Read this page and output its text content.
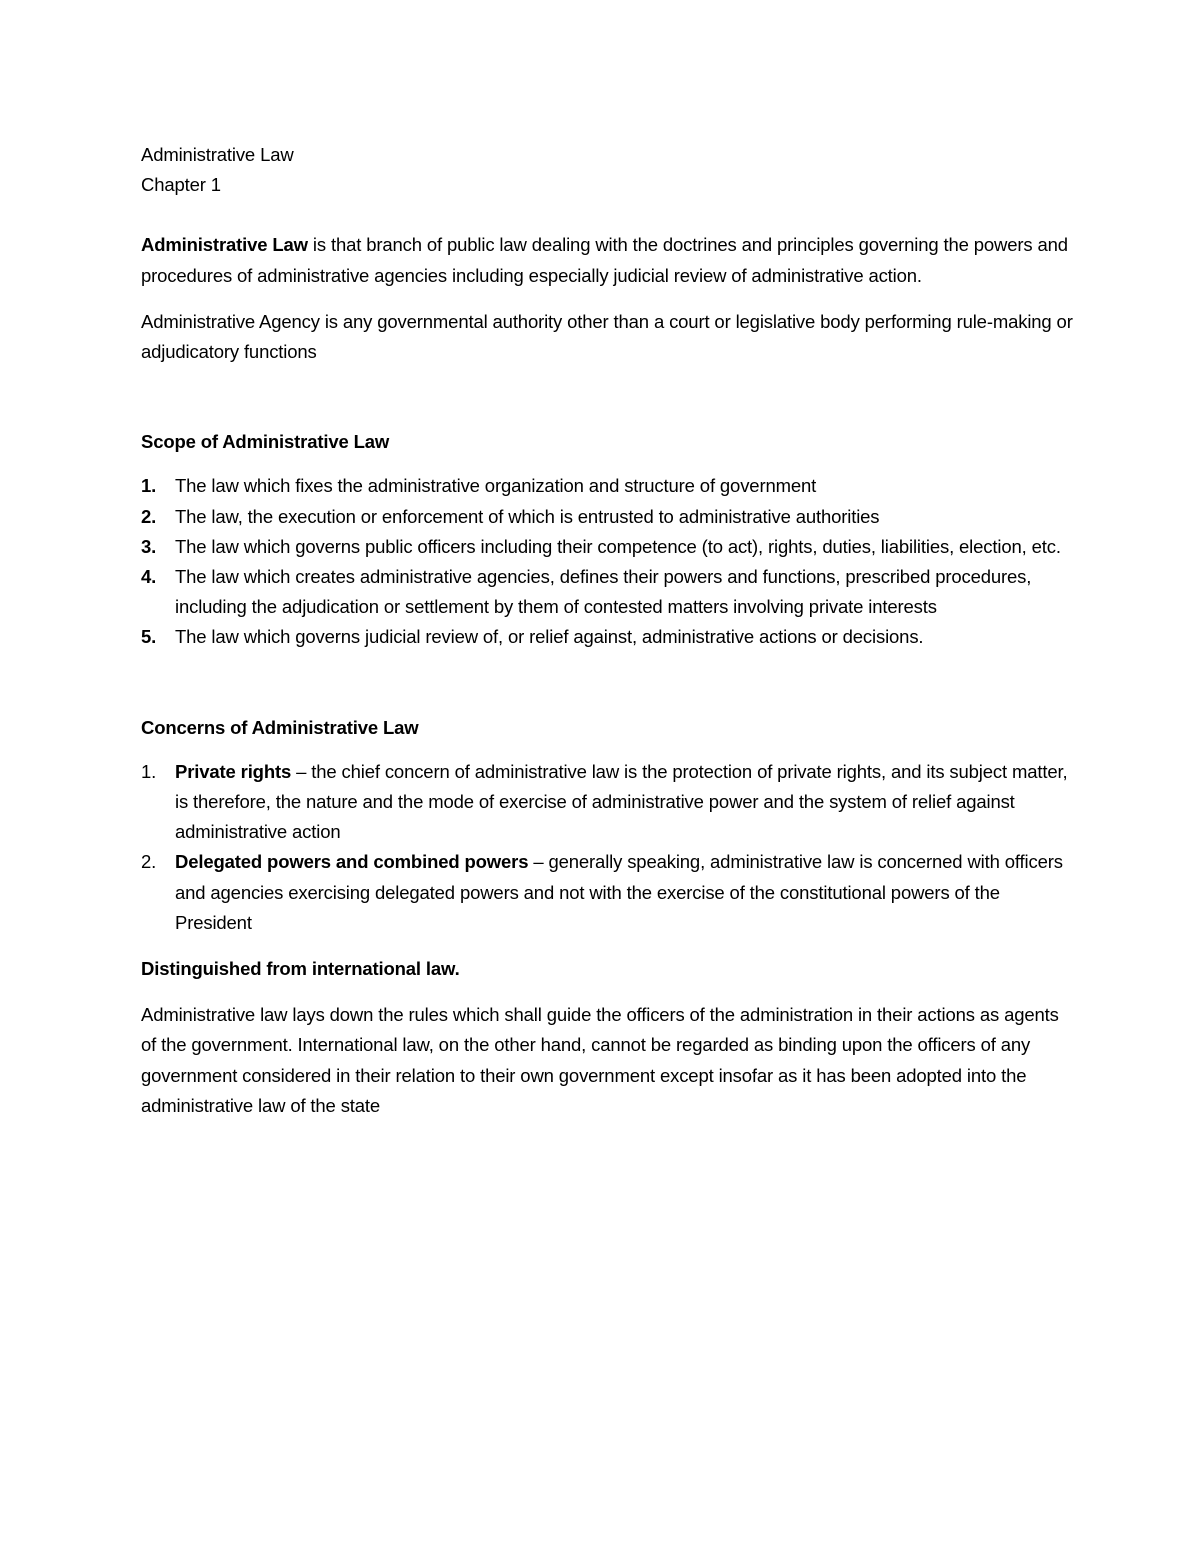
Administrative Law

Chapter 1

Administrative Law is that branch of public law dealing with the doctrines and principles governing the powers and procedures of administrative agencies including especially judicial review of administrative action.

Administrative Agency is any governmental authority other than a court or legislative body performing rule-making or adjudicatory functions

Scope of Administrative Law

1. The law which fixes the administrative organization and structure of government
2. The law, the execution or enforcement of which is entrusted to administrative authorities
3. The law which governs public officers including their competence (to act), rights, duties, liabilities, election, etc.
4. The law which creates administrative agencies, defines their powers and functions, prescribed procedures, including the adjudication or settlement by them of contested matters involving private interests
5. The law which governs judicial review of, or relief against, administrative actions or decisions.

Concerns of Administrative Law

1. Private rights – the chief concern of administrative law is the protection of private rights, and its subject matter, is therefore, the nature and the mode of exercise of administrative power and the system of relief against administrative action
2. Delegated powers and combined powers – generally speaking, administrative law is concerned with officers and agencies exercising delegated powers and not with the exercise of the constitutional powers of the President

Distinguished from international law.

Administrative law lays down the rules which shall guide the officers of the administration in their actions as agents of the government. International law, on the other hand, cannot be regarded as binding upon the officers of any government considered in their relation to their own government except insofar as it has been adopted into the administrative law of the state
